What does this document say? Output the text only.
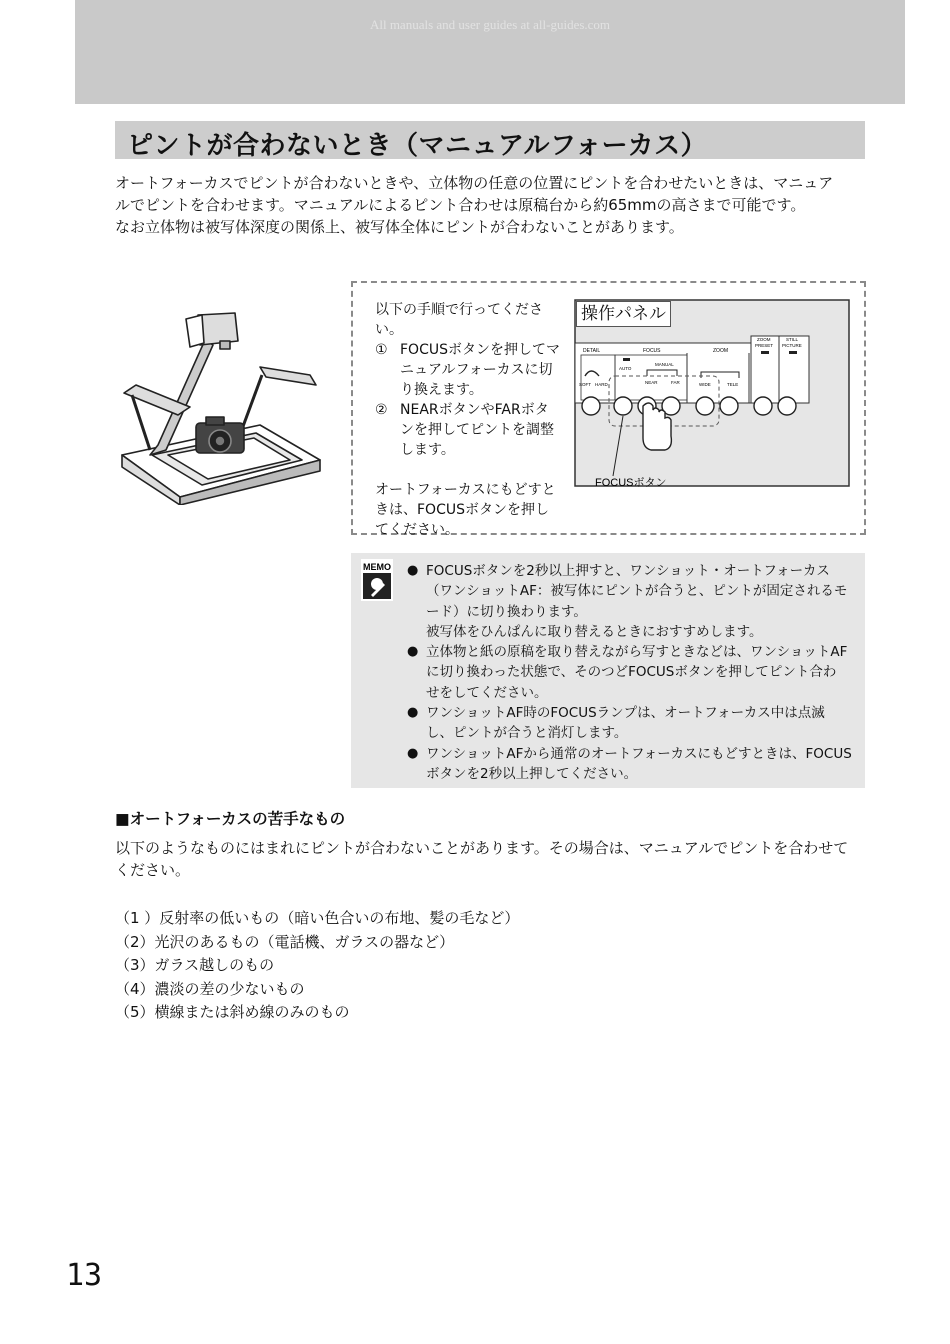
All manuals and user guides at all-guides.com
ピントが合わないとき（マニュアルフォーカス）
オートフォーカスでピントが合わないときや、立体物の任意の位置にピントを合わせたいときは、マニュア
ルでピントを合わせます。マニュアルによるピント合わせは原稿台から約65mmの高さまで可能です。
なお立体物は被写体深度の関係上、被写体全体にピントが合わないことがあります。
以下の手順で行ってください。
① FOCUSボタンを押してマ
ニュアルフォーカスに切
り換えます。
② NEARボタンやFARボタ
ンを押してピントを調整
します。
オートフォーカスにもどすと
きは、FOCUSボタンを押し
てください。
DETAIL	FOCUS	ZOOM
ZOOM
PRESET
STILL
PICTURE
SOFT HARD
AUTO
MANUAL
NEAR	FAR	WIDE	TELE
FOCUSボタン
操作パネル
MEMO ● FOCUSボタンを2秒以上押すと、ワンショット・オートフォーカス
（ワンショットAF：被写体にピントが合うと、ピントが固定されるモ
ード）に切り換わります。
被写体をひんぱんに取り替えるときにおすすめします。
● 立体物と紙の原稿を取り替えながら写すときなどは、ワンショットAF
に切り換わった状態で、そのつどFOCUSボタンを押してピント合わ
せをしてください。
● ワンショットAF時のFOCUSランプは、オートフォーカス中は点滅
し、ピントが合うと消灯します。
● ワンショットAFから通常のオートフォーカスにもどすときは、FOCUS
ボタンを2秒以上押してください。
■オートフォーカスの苦手なもの
以下のようなものにはまれにピントが合わないことがあります。その場合は、マニュアルでピントを合わせて
ください。
（1 ）反射率の低いもの（暗い色合いの布地、髪の毛など）
（2）光沢のあるもの（電話機、ガラスの器など）
（3）ガラス越しのもの
（4）濃淡の差の少ないもの
（5）横線または斜め線のみのもの
13
